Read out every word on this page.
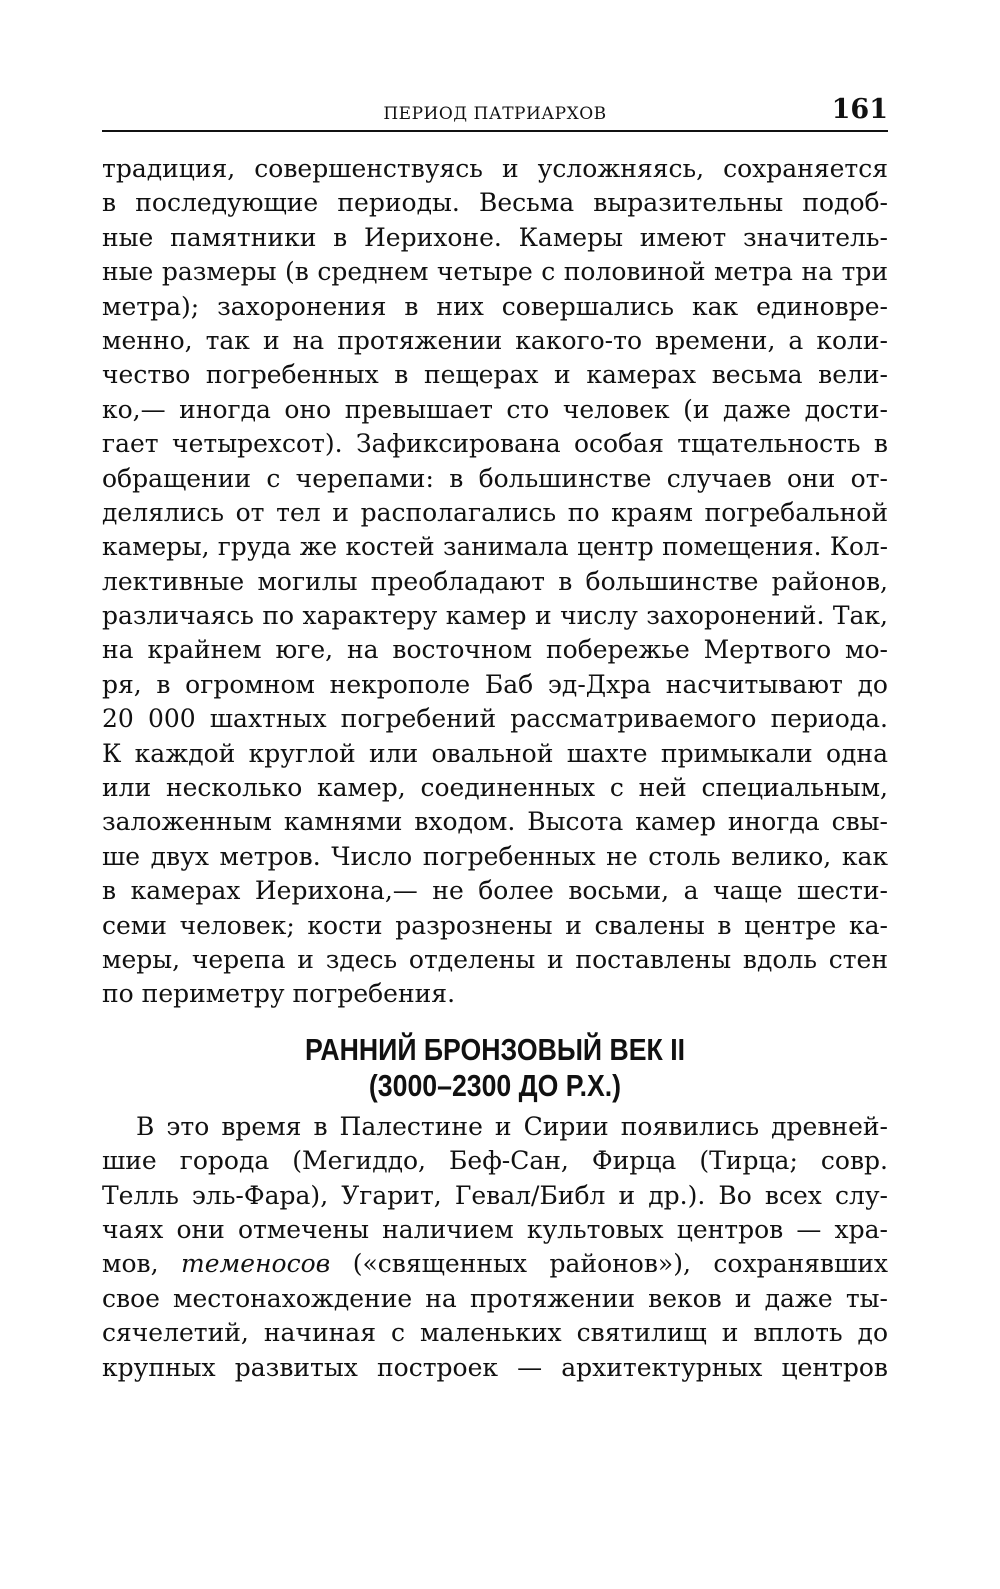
ПЕРИОД ПАТРИАРХОВ	161
традиция, совершенствуясь и усложняясь, сохраняется
в последующие периоды. Весьма выразительны подоб-
ные памятники в Иерихоне. Камеры имеют значитель-
ные размеры (в среднем четыре с половиной метра на три
метра); захоронения в них совершались как единовре-
менно, так и на протяжении какого-то времени, а коли-
чество погребенных в пещерах и камерах весьма вели-
ко,— иногда оно превышает сто человек (и даже дости-
гает четырехсот). Зафиксирована особая тщательность в
обращении с черепами: в большинстве случаев они от-
делялись от тел и располагались по краям погребальной
камеры, груда же костей занимала центр помещения. Кол-
лективные могилы преобладают в большинстве районов,
различаясь по характеру камер и числу захоронений. Так,
на крайнем юге, на восточном побережье Мертвого мо-
ря, в огромном некрополе Баб эд-Дхра насчитывают до
20 000 шахтных погребений рассматриваемого периода.
К каждой круглой или овальной шахте примыкали одна
или несколько камер, соединенных с ней специальным,
заложенным камнями входом. Высота камер иногда свы-
ше двух метров. Число погребенных не столь велико, как
в камерах Иерихона,— не более восьми, а чаще шести-
семи человек; кости разрознены и свалены в центре ка-
меры, черепа и здесь отделены и поставлены вдоль стен
по периметру погребения.
РАННИЙ БРОНЗОВЫЙ ВЕК II
(3000–2300 ДО Р.Х.)
В это время в Палестине и Сирии появились древней-
шие города (Мегиддо, Беф-Сан, Фирца (Тирца; совр.
Телль эль-Фара), Угарит, Гевал/Библ и др.). Во всех слу-
чаях они отмечены наличием культовых центров — хра-
мов, теменосов («священных районов»), сохранявших
свое местонахождение на протяжении веков и даже ты-
сячелетий, начиная с маленьких святилищ и вплоть до
крупных развитых построек — архитектурных центров
